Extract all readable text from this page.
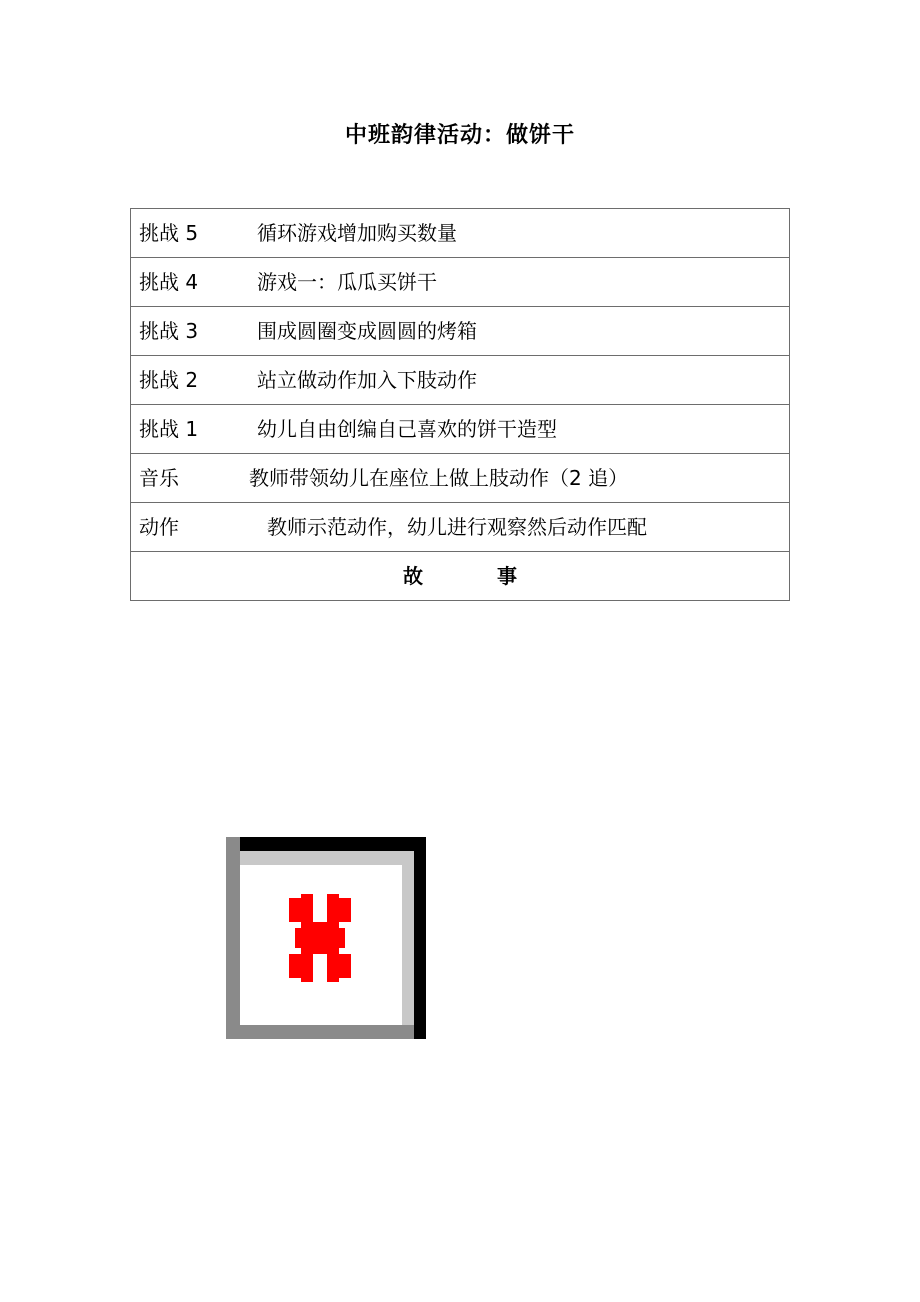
中班韵律活动：做饼干
挑战 5	循环游戏增加购买数量
挑战 4	游戏一：瓜瓜买饼干
挑战 3	围成圆圈变成圆圆的烤箱
挑战 2	站立做动作加入下肢动作
挑战 1	幼儿自由创编自己喜欢的饼干造型
音乐	教师带领幼儿在座位上做上肢动作（2 追）
动作	教师示范动作，幼儿进行观察然后动作匹配
故	事
